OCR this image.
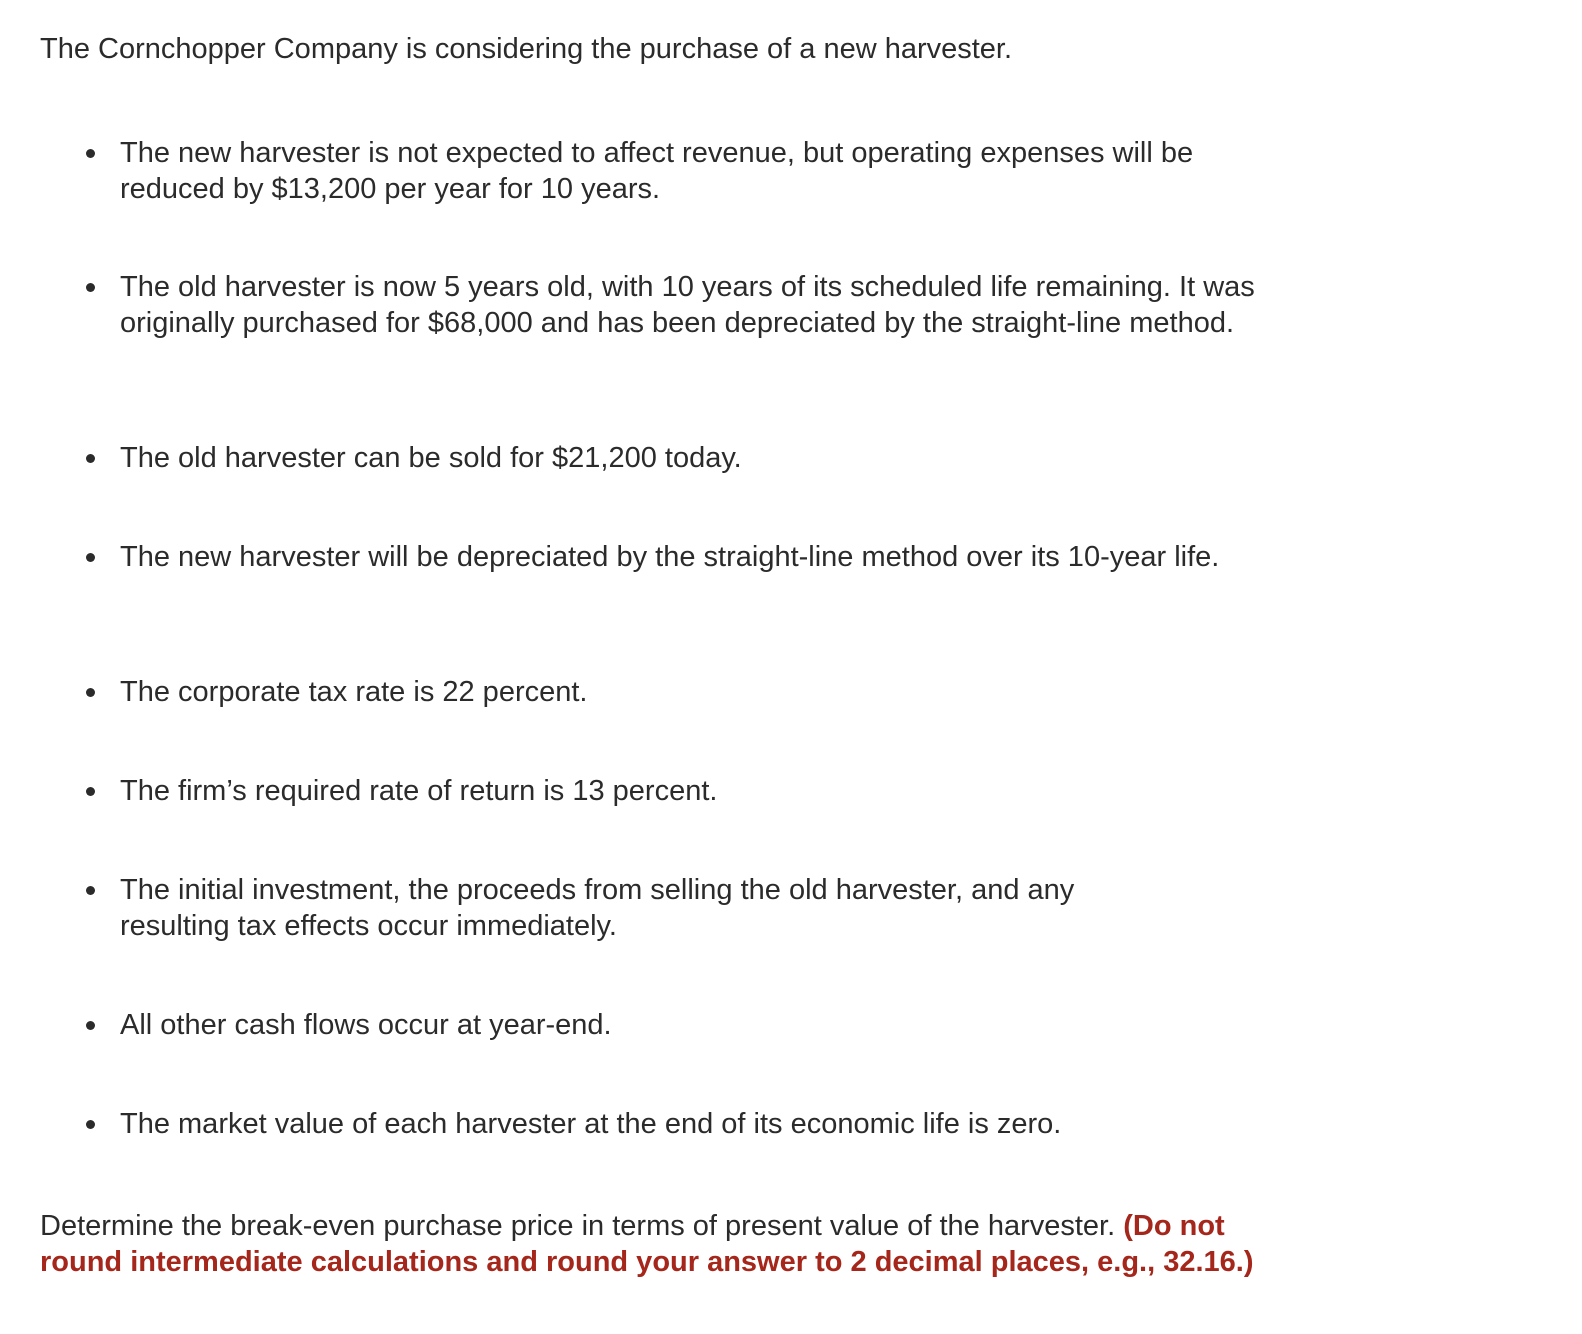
The Cornchopper Company is considering the purchase of a new harvester.

The new harvester is not expected to affect revenue, but operating expenses will be reduced by $13,200 per year for 10 years.
The old harvester is now 5 years old, with 10 years of its scheduled life remaining. It was originally purchased for $68,000 and has been depreciated by the straight-line method.
The old harvester can be sold for $21,200 today.
The new harvester will be depreciated by the straight-line method over its 10-year life.
The corporate tax rate is 22 percent.
The firm’s required rate of return is 13 percent.
The initial investment, the proceeds from selling the old harvester, and any resulting tax effects occur immediately.
All other cash flows occur at year-end.
The market value of each harvester at the end of its economic life is zero.

Determine the break-even purchase price in terms of present value of the harvester. (Do not round intermediate calculations and round your answer to 2 decimal places, e.g., 32.16.)
